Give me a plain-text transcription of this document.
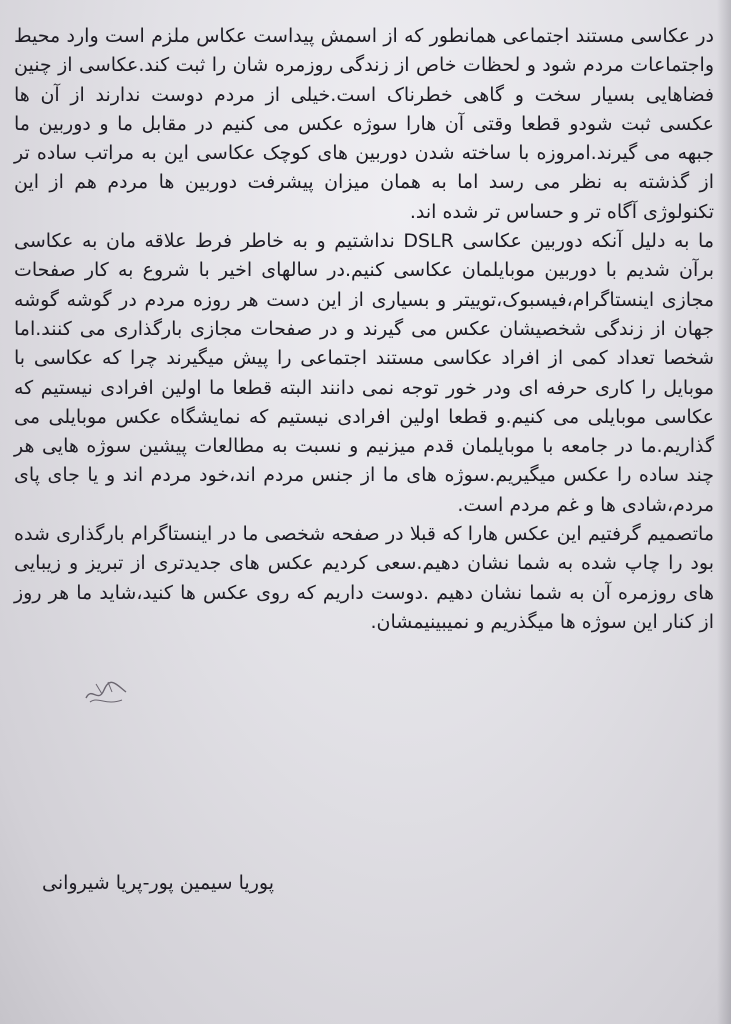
در عکاسی مستند اجتماعی همانطور که از اسمش پیداست عکاس ملزم است وارد محیط واجتماعات مردم شود و لحظات خاص از زندگی روزمره شان را ثبت کند.عکاسی از چنین فضاهایی بسیار سخت و گاهی خطرناک است.خیلی از مردم دوست ندارند از آن ها عکسی ثبت شودو قطعا وقتی آن هارا سوژه عکس می کنیم در مقابل ما و دوربین ما جبهه می گیرند.امروزه با ساخته شدن دوربین های کوچک عکاسی این به مراتب ساده تر از گذشته به نظر می رسد اما به همان میزان پیشرفت دوربین ها مردم هم از این تکنولوژی آگاه تر و حساس تر شده اند.

ما به دلیل آنکه دوربین عکاسی DSLR نداشتیم و به خاطر فرط علاقه مان به عکاسی برآن شدیم با دوربین موبایلمان عکاسی کنیم.در سالهای اخیر با شروع به کار صفحات مجازی اینستاگرام،فیسبوک،توییتر و بسیاری از این دست هر روزه مردم در گوشه گوشه جهان از زندگی شخصیشان عکس می گیرند و در صفحات مجازی بارگذاری می کنند.اما شخصا تعداد کمی از افراد عکاسی مستند اجتماعی را پیش میگیرند چرا که عکاسی با موبایل را کاری حرفه ای ودر خور توجه نمی دانند البته قطعا ما اولین افرادی نیستیم که عکاسی موبایلی می کنیم.و قطعا اولین افرادی نیستیم که نمایشگاه عکس موبایلی می گذاریم.ما در جامعه با موبایلمان قدم میزنیم و نسبت به مطالعات پیشین سوژه هایی هر چند ساده را عکس میگیریم.سوژه های ما از جنس مردم اند،خود مردم اند و یا جای پای مردم،شادی ها و غم مردم است.

ماتصمیم گرفتیم این عکس هارا که قبلا در صفحه شخصی ما در اینستاگرام بارگذاری شده بود را چاپ شده به شما نشان دهیم.سعی کردیم عکس های جدیدتری از تبریز و زیبایی های روزمره آن به شما نشان دهیم .دوست داریم که روی عکس ها کنید،شاید ما هر روز از کنار این سوژه ها میگذریم و نمیبینیمشان.

پوریا سیمین پور-پریا شیروانی
